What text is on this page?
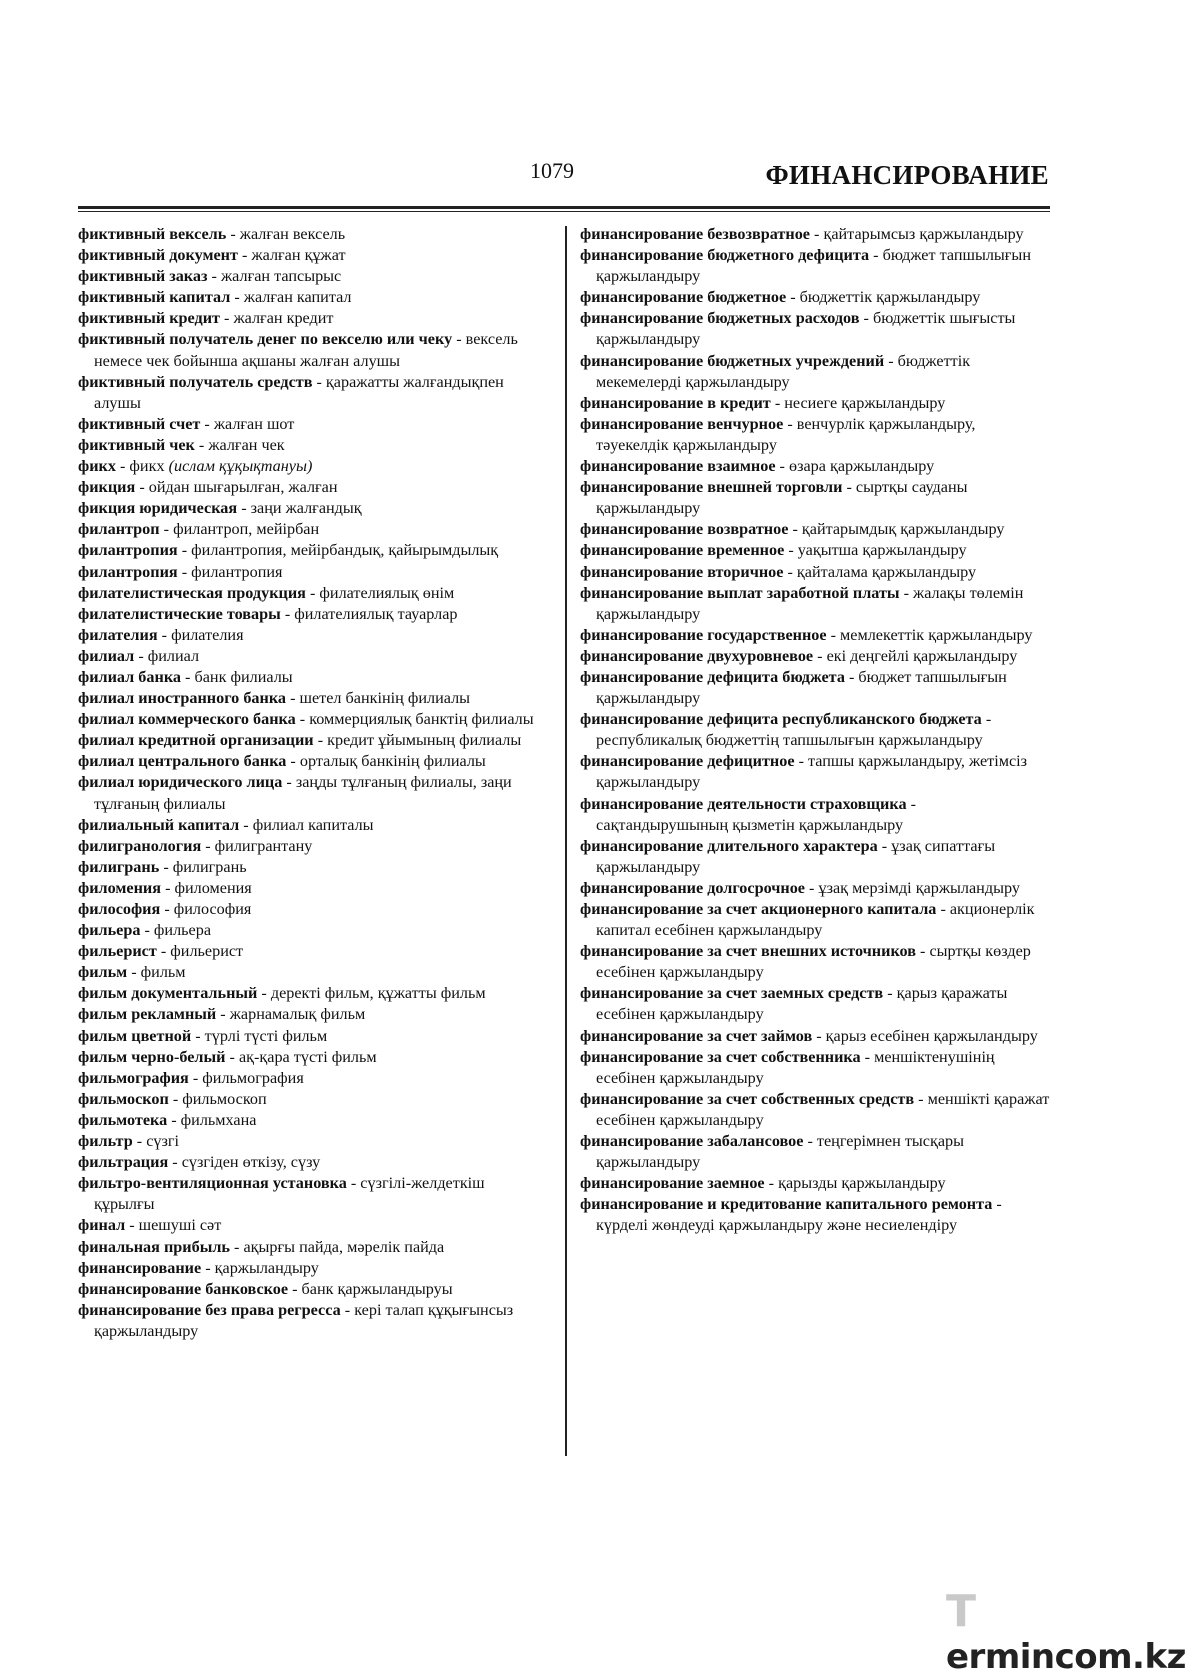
1079	ФИНАНСИРОВАНИЕ

фиктивный вексель - жалған вексель

фиктивный документ - жалған құжат

фиктивный заказ - жалған тапсырыс

фиктивный капитал - жалған капитал

фиктивный кредит - жалған кредит

фиктивный получатель денег по векселю или чеку - вексель немесе чек бойынша ақшаны жалған алушы

фиктивный получатель средств - қаражатты жалғандықпен алушы

фиктивный счет - жалған шот

фиктивный чек - жалған чек

фикх - фикх (ислам құқықтануы)

фикция - ойдан шығарылған, жалған

фикция юридическая - заңи жалғандық

филантроп - филантроп, мейірбан

филантропия - филантропия, мейірбандық, қайырымдылық

филантропия - филантропия

филателистическая продукция - филателиялық өнім

филателистические товары - филателиялық тауарлар

филателия - филателия

филиал - филиал

филиал банка - банк филиалы

филиал иностранного банка - шетел банкінің филиалы

филиал коммерческого банка - коммерциялық банктің филиалы

филиал кредитной организации - кредит ұйымының филиалы

филиал центрального банка - орталық банкінің филиалы

филиал юридического лица - заңды тұлғаның филиалы, заңи тұлғаның филиалы

филиальный капитал - филиал капиталы

филигранология - филигрантану

филигрань - филигрань

филомения - филомения

философия - философия

фильера - фильера

фильерист - фильерист

фильм - фильм

фильм документальный - деректі фильм, құжатты фильм

фильм рекламный - жарнамалық фильм

фильм цветной - түрлі түсті фильм

фильм черно-белый - ақ-қара түсті фильм

фильмография - фильмография

фильмоскоп - фильмоскоп

фильмотека - фильмхана

фильтр - сүзгі

фильтрация - сүзгіден өткізу, сүзу

фильтро-вентиляционная установка - сүзгілі-желдеткіш құрылғы

финал - шешуші сәт

финальная прибыль - ақырғы пайда, мәрелік пайда

финансирование - қаржыландыру

финансирование банковское - банк қаржыландыруы

финансирование без права регресса - кері талап құқығынсыз қаржыландыру

финансирование безвозвратное - қайтарымсыз қаржыландыру

финансирование бюджетного дефицита - бюджет тапшылығын қаржыландыру

финансирование бюджетное - бюджеттік қаржыландыру

финансирование бюджетных расходов - бюджеттік шығысты қаржыландыру

финансирование бюджетных учреждений - бюджеттік мекемелерді қаржыландыру

финансирование в кредит - несиеге қаржыландыру

финансирование венчурное - венчурлік қаржыландыру, тәуекелдік қаржыландыру

финансирование взаимное - өзара қаржыландыру

финансирование внешней торговли - сыртқы сауданы қаржыландыру

финансирование возвратное - қайтарымдық қаржыландыру

финансирование временное - уақытша қаржыландыру

финансирование вторичное - қайталама қаржыландыру

финансирование выплат заработной платы - жалақы төлемін қаржыландыру

финансирование государственное - мемлекеттік қаржыландыру

финансирование двухуровневое - екі деңгейлі қаржыландыру

финансирование дефицита бюджета - бюджет тапшылығын қаржыландыру

финансирование дефицита республиканского бюджета - республикалық бюджеттің тапшылығын қаржыландыру

финансирование дефицитное - тапшы қаржыландыру, жетімсіз қаржыландыру

финансирование деятельности страховщика - сақтандырушының қызметін қаржыландыру

финансирование длительного характера - ұзақ сипаттағы қаржыландыру

финансирование долгосрочное - ұзақ мерзімді қаржыландыру

финансирование за счет акционерного капитала - акционерлік капитал есебінен қаржыландыру

финансирование за счет внешних источников - сыртқы көздер есебінен қаржыландыру

финансирование за счет заемных средств - қарыз қаражаты есебінен қаржыландыру

финансирование за счет займов - қарыз есебінен қаржыландыру

финансирование за счет собственника - меншіктенушінің есебінен қаржыландыру

финансирование за счет собственных средств - меншікті қаражат есебінен қаржыландыру

финансирование забалансовое - теңгерімнен тысқары қаржыландыру

финансирование заемное - қарызды қаржыландыру

финансирование и кредитование капитального ремонта - күрделі жөндеуді қаржыландыру және несиелендіру

Termincom.kz
